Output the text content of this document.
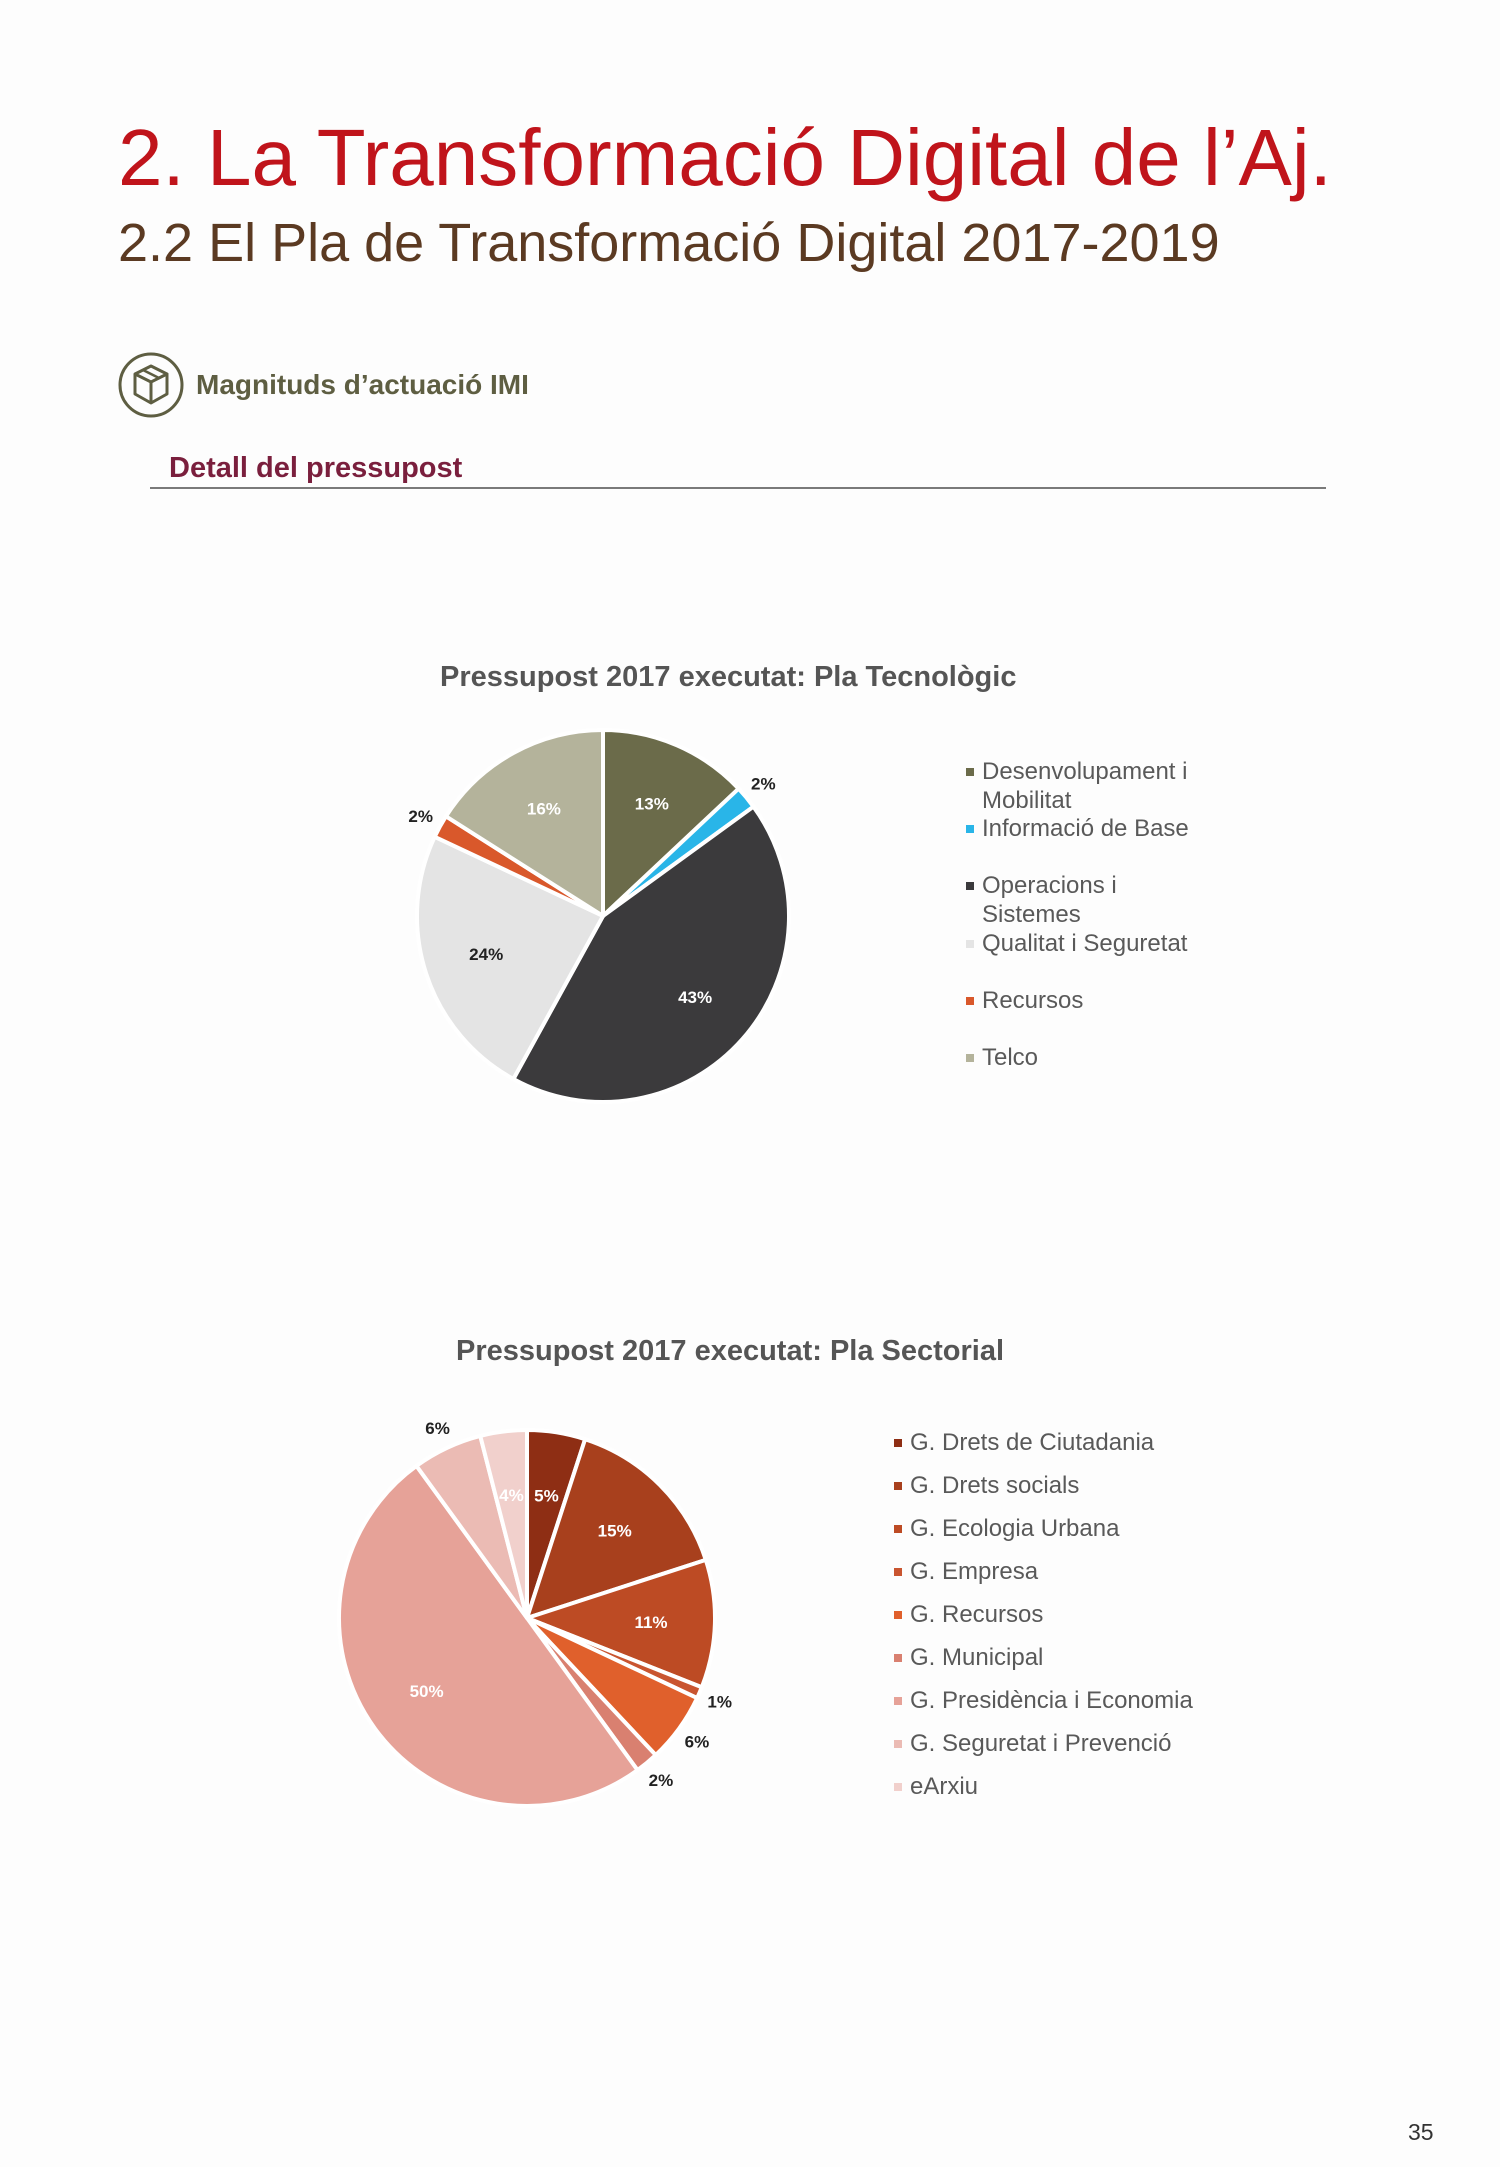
2. La Transformació Digital de l’Aj.
2.2 El Pla de Transformació Digital 2017-2019
Magnituds d’actuació IMI
Detall del pressupost
Pressupost 2017 executat: Pla Tecnològic
Pressupost 2017 executat: Pla Sectorial
13%
2%
43%
24%
2%	16%
5%
15%
11%
1%
6%
2%
50%
6%
4%
Desenvolupament i
Mobilitat
Informació de Base
Operacions i
Sistemes
Qualitat i Seguretat
Recursos
Telco
G. Drets de Ciutadania
G. Drets socials
G. Ecologia Urbana
G. Empresa
G. Recursos
G. Municipal
G. Presidència i Economia
G. Seguretat i Prevenció
eArxiu
35
